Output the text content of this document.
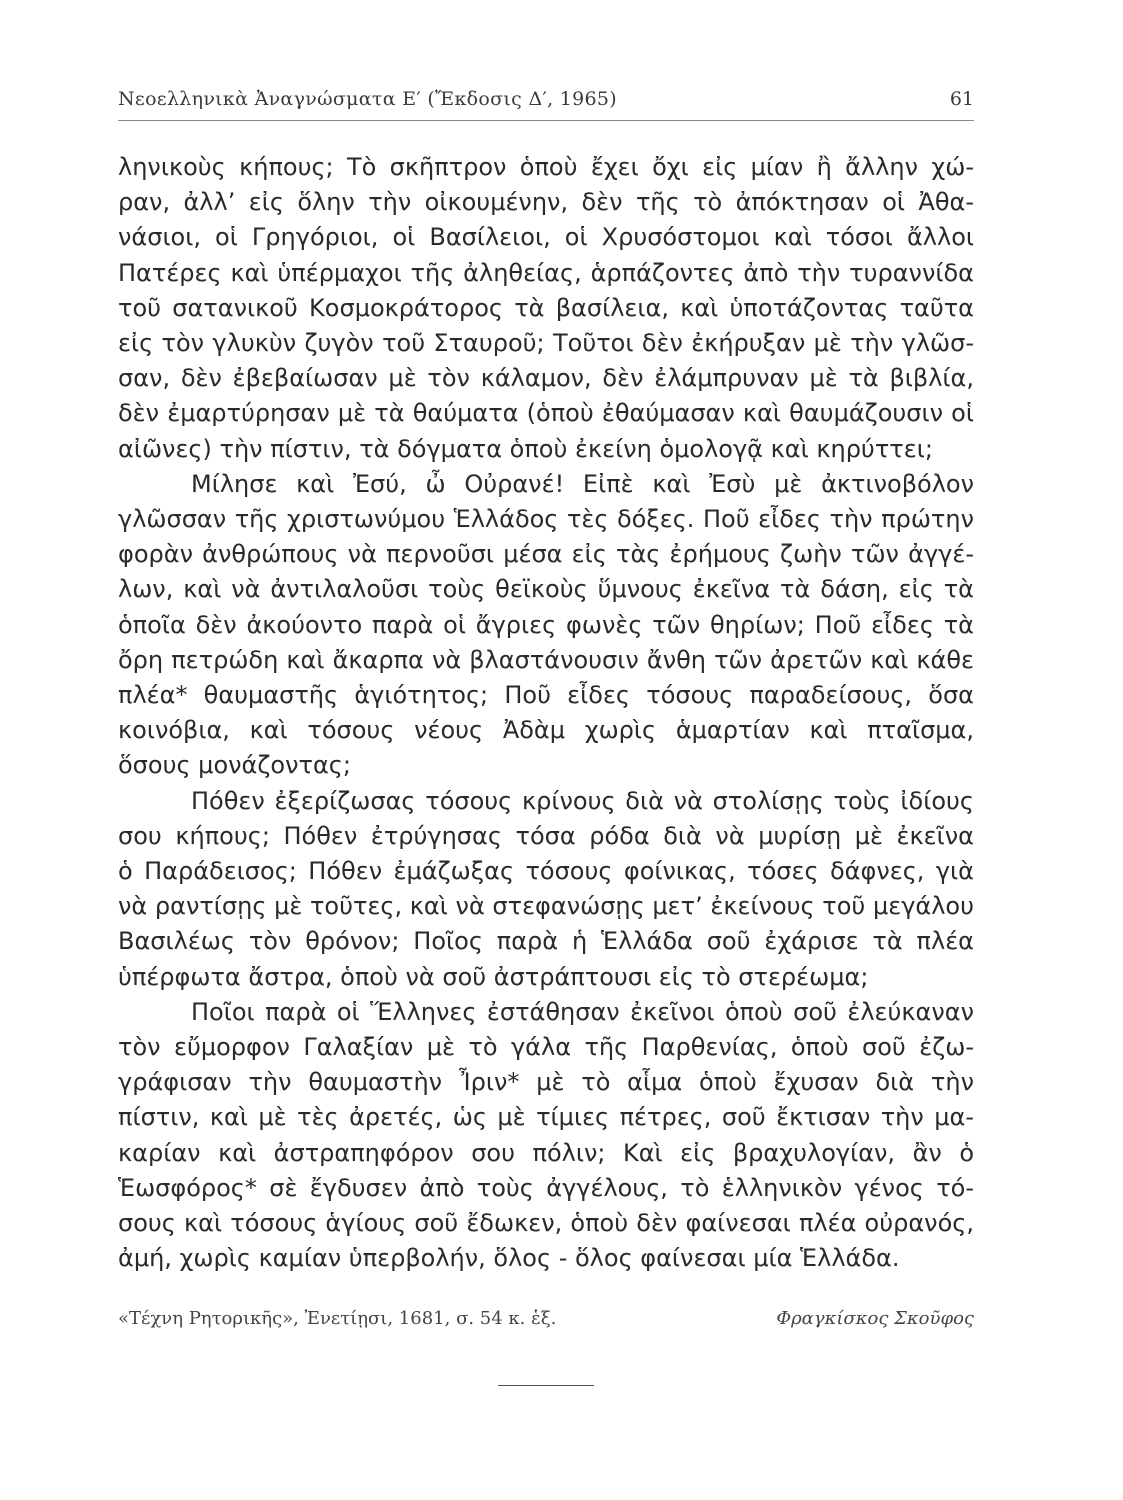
Νεοελληνικὰ Ἀναγνώσματα Ε′ (Ἔκδοσις Δ′, 1965)	61
ληνικοὺς κήπους; Τὸ σκῆπτρον ὁποὺ ἔχει ὄχι εἰς μίαν ἢ ἄλλην χώ-
ραν, ἀλλ’ εἰς ὅλην τὴν οἰκουμένην, δὲν τῆς τὸ ἀπόκτησαν οἱ Ἀθα-
νάσιοι, οἱ Γρηγόριοι, οἱ Βασίλειοι, οἱ Χρυσόστομοι καὶ τόσοι ἄλλοι
Πατέρες καὶ ὑπέρμαχοι τῆς ἀληθείας, ἁρπάζοντες ἀπὸ τὴν τυραννίδα
τοῦ σατανικοῦ Κοσμοκράτορος τὰ βασίλεια, καὶ ὑποτάζοντας ταῦτα
εἰς τὸν γλυκὺν ζυγὸν τοῦ Σταυροῦ; Τοῦτοι δὲν ἐκήρυξαν μὲ τὴν γλῶσ-
σαν, δὲν ἐβεβαίωσαν μὲ τὸν κάλαμον, δὲν ἐλάμπρυναν μὲ τὰ βιβλία,
δὲν ἐμαρτύρησαν μὲ τὰ θαύματα (ὁποὺ ἐθαύμασαν καὶ θαυμάζουσιν οἱ
αἰῶνες) τὴν πίστιν, τὰ δόγματα ὁποὺ ἐκείνη ὁμολογᾷ καὶ κηρύττει;
Μίλησε καὶ Ἐσύ, ὦ Οὐρανέ! Εἰπὲ καὶ Ἐσὺ μὲ ἀκτινοβόλον
γλῶσσαν τῆς χριστωνύμου Ἑλλάδος τὲς δόξες. Ποῦ εἶδες τὴν πρώτην
φορὰν ἀνθρώπους νὰ περνοῦσι μέσα εἰς τὰς ἐρήμους ζωὴν τῶν ἀγγέ-
λων, καὶ νὰ ἀντιλαλοῦσι τοὺς θεϊκοὺς ὕμνους ἐκεῖνα τὰ δάση, εἰς τὰ
ὁποῖα δὲν ἀκούοντο παρὰ οἱ ἄγριες φωνὲς τῶν θηρίων; Ποῦ εἶδες τὰ
ὄρη πετρώδη καὶ ἄκαρπα νὰ βλαστάνουσιν ἄνθη τῶν ἀρετῶν καὶ κάθε
πλέα* θαυμαστῆς ἁγιότητος; Ποῦ εἶδες τόσους παραδείσους, ὅσα
κοινόβια, καὶ τόσους νέους Ἀδὰμ χωρὶς ἁμαρτίαν καὶ πταῖσμα,
ὅσους μονάζοντας;
Πόθεν ἐξερίζωσας τόσους κρίνους διὰ νὰ στολίσῃς τοὺς ἰδίους
σου κήπους; Πόθεν ἐτρύγησας τόσα ρόδα διὰ νὰ μυρίσῃ μὲ ἐκεῖνα
ὁ Παράδεισος; Πόθεν ἐμάζωξας τόσους φοίνικας, τόσες δάφνες, γιὰ
νὰ ραντίσῃς μὲ τοῦτες, καὶ νὰ στεφανώσῃς μετ’ ἐκείνους τοῦ μεγάλου
Βασιλέως τὸν θρόνον; Ποῖος παρὰ ἡ Ἑλλάδα σοῦ ἐχάρισε τὰ πλέα
ὑπέρφωτα ἄστρα, ὁποὺ νὰ σοῦ ἀστράπτουσι εἰς τὸ στερέωμα;
Ποῖοι παρὰ οἱ Ἕλληνες ἐστάθησαν ἐκεῖνοι ὁποὺ σοῦ ἐλεύκαναν
τὸν εὔμορφον Γαλαξίαν μὲ τὸ γάλα τῆς Παρθενίας, ὁποὺ σοῦ ἐζω-
γράφισαν τὴν θαυμαστὴν Ἶριν* μὲ τὸ αἷμα ὁποὺ ἔχυσαν διὰ τὴν
πίστιν, καὶ μὲ τὲς ἀρετές, ὡς μὲ τίμιες πέτρες, σοῦ ἔκτισαν τὴν μα-
καρίαν καὶ ἀστραπηφόρον σου πόλιν; Καὶ εἰς βραχυλογίαν, ἂν ὁ
Ἑωσφόρος* σὲ ἔγδυσεν ἀπὸ τοὺς ἀγγέλους, τὸ ἑλληνικὸν γένος τό-
σους καὶ τόσους ἁγίους σοῦ ἔδωκεν, ὁποὺ δὲν φαίνεσαι πλέα οὐρανός,
ἀμή, χωρὶς καμίαν ὑπερβολήν, ὅλος - ὅλος φαίνεσαι μία Ἑλλάδα.
«Τέχνη Ρητορικῆς», Ἐνετίῃσι, 1681, σ. 54 κ. ἑξ.	Φραγκίσκος Σκοῦφος
